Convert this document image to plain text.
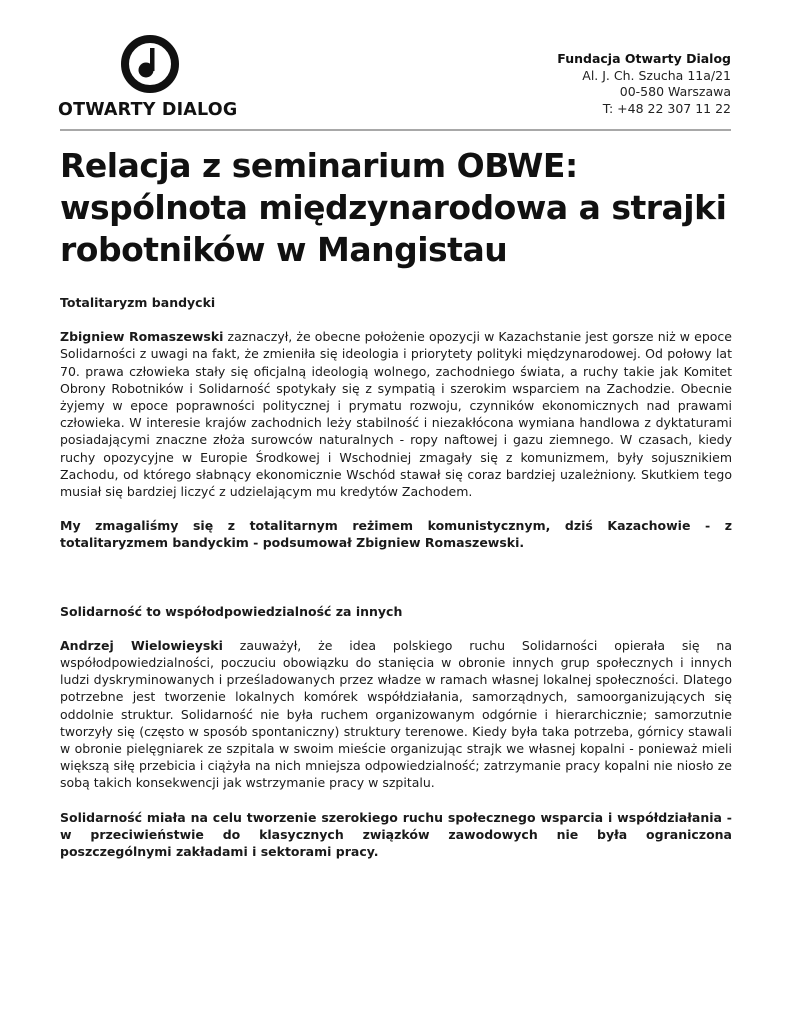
OTWARTY DIALOG
Fundacja Otwarty Dialog
Al. J. Ch. Szucha 11a/21
00-580 Warszawa
T: +48 22 307 11 22
Relacja z seminarium OBWE: wspólnota międzynarodowa a strajki robotników w Mangistau
Totalitaryzm bandycki

Zbigniew Romaszewski zaznaczył, że obecne położenie opozycji w Kazachstanie jest gorsze niż w epoce Solidarności z uwagi na fakt, że zmieniła się ideologia i priorytety polityki międzynarodowej. Od połowy lat 70. prawa człowieka stały się oficjalną ideologią wolnego, zachodniego świata, a ruchy takie jak Komitet Obrony Robotników i Solidarność spotykały się z sympatią i szerokim wsparciem na Zachodzie. Obecnie żyjemy w epoce poprawności politycznej i prymatu rozwoju, czynników ekonomicznych nad prawami człowieka. W interesie krajów zachodnich leży stabilność i niezakłócona wymiana handlowa z dyktaturami posiadającymi znaczne złoża surowców naturalnych - ropy naftowej i gazu ziemnego. W czasach, kiedy ruchy opozycyjne w Europie Środkowej i Wschodniej zmagały się z komunizmem, były sojusznikiem Zachodu, od którego słabnący ekonomicznie Wschód stawał się coraz bardziej uzależniony. Skutkiem tego musiał się bardziej liczyć z udzielającym mu kredytów Zachodem.

My zmagaliśmy się z totalitarnym reżimem komunistycznym, dziś Kazachowie - z totalitaryzmem bandyckim - podsumował Zbigniew Romaszewski.

Solidarność to współodpowiedzialność za innych

Andrzej Wielowieyski zauważył, że idea polskiego ruchu Solidarności opierała się na współodpowiedzialności, poczuciu obowiązku do stanięcia w obronie innych grup społecznych i innych ludzi dyskryminowanych i prześladowanych przez władze w ramach własnej lokalnej społeczności. Dlatego potrzebne jest tworzenie lokalnych komórek współdziałania, samorządnych, samoorganizujących się oddolnie struktur. Solidarność nie była ruchem organizowanym odgórnie i hierarchicznie; samorzutnie tworzyły się (często w sposób spontaniczny) struktury terenowe. Kiedy była taka potrzeba, górnicy stawali w obronie pielęgniarek ze szpitala w swoim mieście organizując strajk we własnej kopalni - ponieważ mieli większą siłę przebicia i ciążyła na nich mniejsza odpowiedzialność; zatrzymanie pracy kopalni nie niosło ze sobą takich konsekwencji jak wstrzymanie pracy w szpitalu.

Solidarność miała na celu tworzenie szerokiego ruchu społecznego wsparcia i współdziałania - w przeciwieństwie do klasycznych związków zawodowych nie była ograniczona poszczególnymi zakładami i sektorami pracy.
